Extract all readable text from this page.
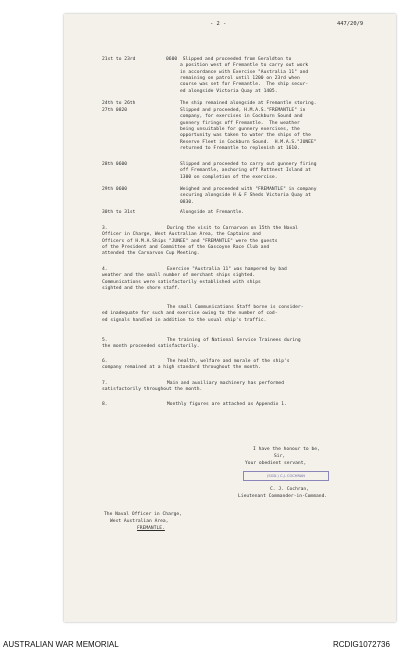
21st to 23rd	0600  Slipped and proceeded from Geraldton to
a position west of Fremantle to carry out work
in accordance with Exercise "Australia 11" and
remaining on patrol until 1200 on 23rd when
course was set for Fremantle.  The ship secur-
ed alongside Victoria Quay at 1405.
24th to 26th	The ship remained alongside at Fremantle storing.
27th 0820	Slipped and proceeded, H.M.A.S."FREMANTLE" in
company, for exercises in Cockburn Sound and
gunnery firings off Fremantle.  The weather
being unsuitable for gunnery exercises, the
opportunity was taken to water the ships of the
Reserve Fleet in Cockburn Sound.  H.M.A.S."JUNEE"
returned to Fremantle to replenish at 1610.
28th 0600	Slipped and proceeded to carry out gunnery firing
off Fremantle, anchoring off Rottnest Island at
1300 on completion of the exercise.
29th 0600	Weighed and proceeded with "FREMANTLE" in company
securing alongside H & F Sheds Victoria Quay at
0830.
30th to 31st	Alongside at Fremantle.
3.	During the visit to Carnarvon on 15th the Naval
Officer in Charge, West Australian Area, the Captains and
Officers of H.M.A.Ships "JUNEE" and "FREMANTLE" were the guests
of the President and Committee of the Gascoyne Race Club and
attended the Carnarvon Cup Meeting.
4.	Exercise "Australia 11" was hampered by bad
weather and the small number of merchant ships sighted.
Communications were satisfactorily established with ships
sighted and the shore staff.
The small Communications Staff borne is consider-
ed inadequate for such and exercise owing to the number of cod-
ed signals handled in addition to the usual ship's traffic.
5.	The training of National Service Trainees during
the month proceeded satisfactorily.
6.	The health, welfare and morale of the ship's
company remained at a high standard throughout the month.
7.	Main and auxiliary machinery has performed
satisfactorily throughout the month.
8.	Monthly figures are attached as Appendix 1.
- 2 -	447/20/9
I have the honour to be,
Sir,
Your obedient servant,
(SGD.) C.J. COCHRAN
C. J. Cochran,
Lieutenant Commander-in-Command.
The Naval Officer in Charge,
West Australian Area,
FREMANTLE.
AUSTRALIAN WAR MEMORIAL	RCDIG1072736
